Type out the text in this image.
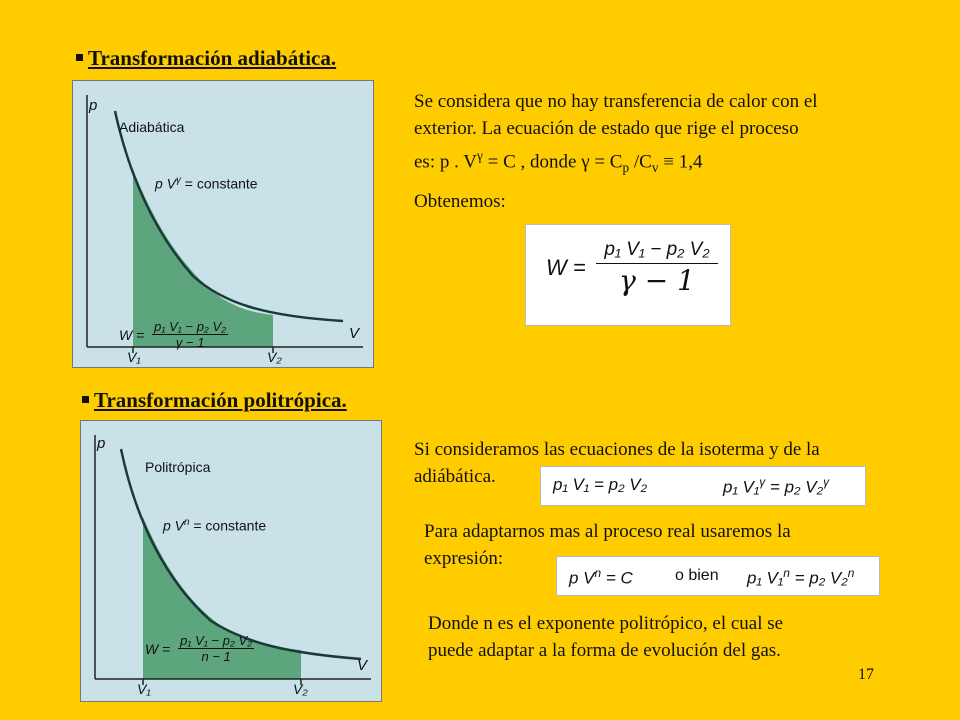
Transformación adiabática.
p
V
Adiabática
p $V^\gamma$ = constante
$W = \frac{\text{p₁ V₁ − p₂ V₂}}{\gamma - 1}$
V₁	V₂
Se considera que no hay transferencia de calor con el
exterior. La ecuación de estado que rige el proceso
es: p . $V^\gamma = C$ , donde $\gamma = C_p$ $/C_v \equiv 1,4$
Obtenemos:
W =
p₁ V₁ − p₂ V₂
γ − 1
Transformación politrópica.
p
V
Politrópica
p $V^n$ = constante
$W = \frac{\text{p₁ V₁ − p₂ V₂}}{n - 1}$
V₁	V₂
Si consideramos las ecuaciones de la isoterma y de la
adiábática.	p₁ V₁ = p₂ V₂	p₁ V₁$^\gamma$ = p₂ V₂$^\gamma$
Para adaptarnos mas al proceso real usaremos la
expresión:
p $V^n = C$	o bien p₁ V₁$^n$ = p₂ V₂$^n$
Donde n es el exponente politrópico, el cual se
puede adaptar a la forma de evolución del gas.
17
